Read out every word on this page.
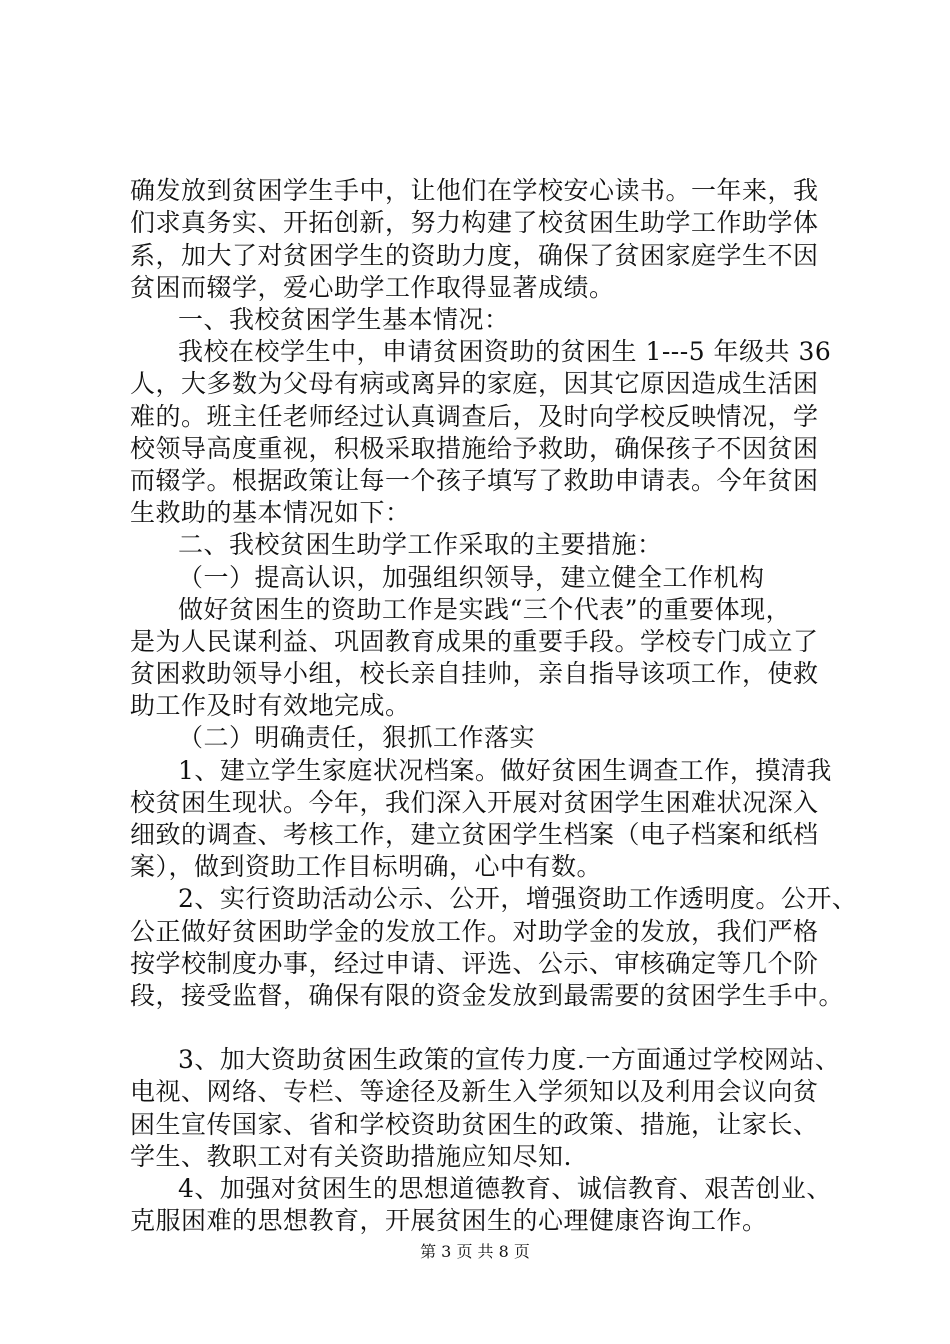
确发放到贫困学生手中，让他们在学校安心读书。一年来，我
们求真务实、开拓创新，努力构建了校贫困生助学工作助学体
系，加大了对贫困学生的资助力度，确保了贫困家庭学生不因
贫困而辍学，爱心助学工作取得显著成绩。
一、我校贫困学生基本情况：
我校在校学生中，申请贫困资助的贫困生 1---5 年级共 36
人，大多数为父母有病或离异的家庭，因其它原因造成生活困
难的。班主任老师经过认真调查后，及时向学校反映情况，学
校领导高度重视，积极采取措施给予救助，确保孩子不因贫困
而辍学。根据政策让每一个孩子填写了救助申请表。今年贫困
生救助的基本情况如下：
二、我校贫困生助学工作采取的主要措施：
（一）提高认识，加强组织领导，建立健全工作机构
做好贫困生的资助工作是实践“三个代表”的重要体现，
是为人民谋利益、巩固教育成果的重要手段。学校专门成立了
贫困救助领导小组，校长亲自挂帅，亲自指导该项工作，使救
助工作及时有效地完成。
（二）明确责任，狠抓工作落实
1、建立学生家庭状况档案。做好贫困生调查工作，摸清我
校贫困生现状。今年，我们深入开展对贫困学生困难状况深入
细致的调查、考核工作，建立贫困学生档案（电子档案和纸档
案），做到资助工作目标明确，心中有数。
2、实行资助活动公示、公开，增强资助工作透明度。公开、
公正做好贫困助学金的发放工作。对助学金的发放，我们严格
按学校制度办事，经过申请、评选、公示、审核确定等几个阶
段，接受监督，确保有限的资金发放到最需要的贫困学生手中。
3、加大资助贫困生政策的宣传力度.一方面通过学校网站、
电视、网络、专栏、等途径及新生入学须知以及利用会议向贫
困生宣传国家、省和学校资助贫困生的政策、措施，让家长、
学生、教职工对有关资助措施应知尽知.
4、加强对贫困生的思想道德教育、诚信教育、艰苦创业、
克服困难的思想教育，开展贫困生的心理健康咨询工作。
第 3 页 共 8 页
